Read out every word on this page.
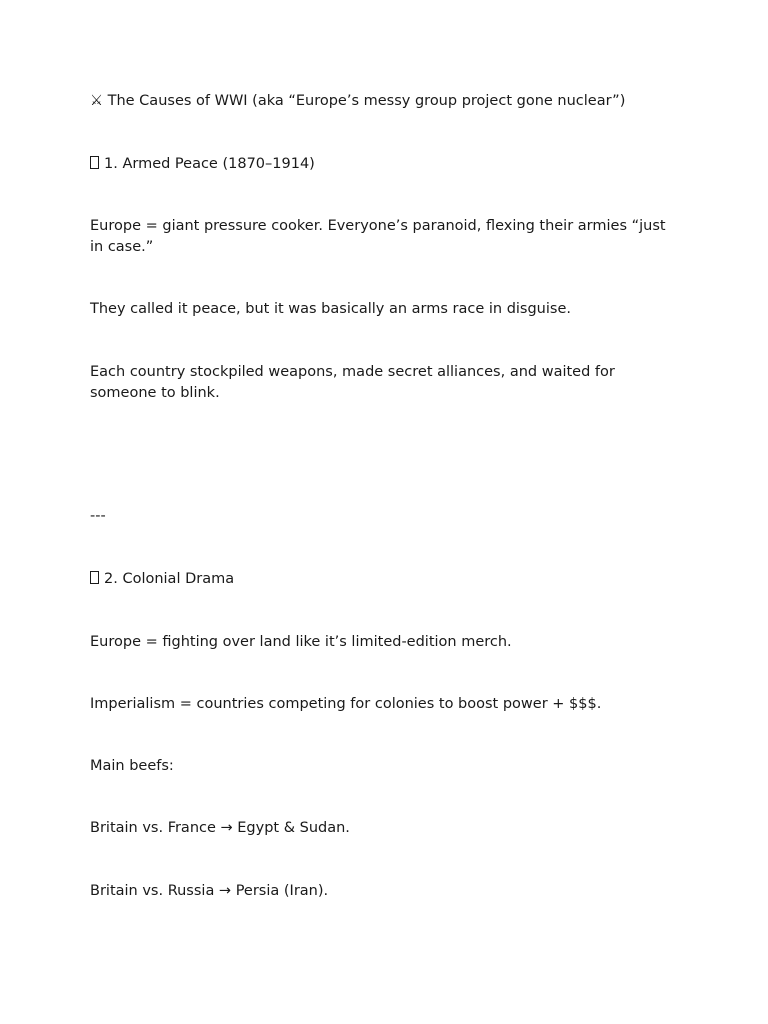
⚔ The Causes of WWI (aka “Europe’s messy group project gone nuclear”)

1. Armed Peace (1870–1914)

Europe = giant pressure cooker. Everyone’s paranoid, flexing their armies “just in case.”

They called it peace, but it was basically an arms race in disguise.

Each country stockpiled weapons, made secret alliances, and waited for someone to blink.

---

2. Colonial Drama

Europe = fighting over land like it’s limited-edition merch.

Imperialism = countries competing for colonies to boost power + $$$.

Main beefs:

Britain vs. France → Egypt & Sudan.

Britain vs. Russia → Persia (Iran).
